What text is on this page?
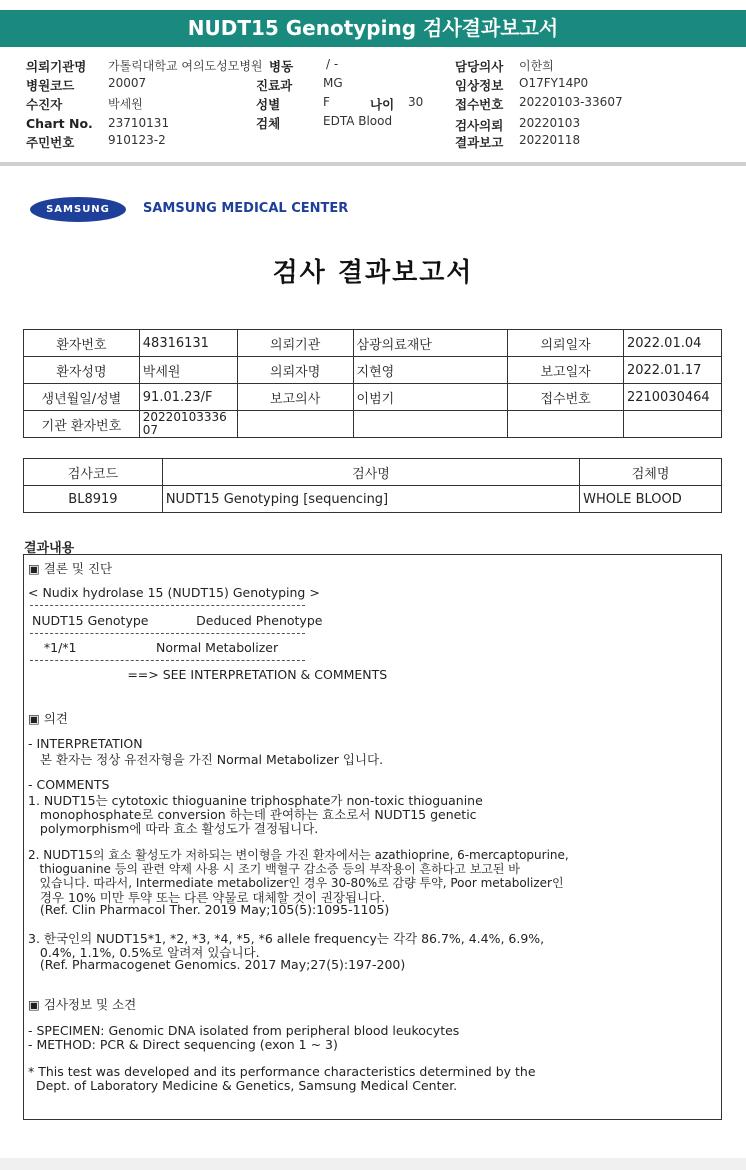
NUDT15 Genotyping 검사결과보고서
의뢰기관명 가톨릭대학교 여의도성모병원 병동	/ -	담당의사 이한희
병원코드	20007	진료과	MG	임상정보 O17FY14P0
수진자	박세원	성별	F	나이 30	접수번호 20220103-33607
Chart No. 23710131	검체	EDTA Blood	검사의뢰 20220103
주민번호	910123-2	결과보고 20220118
SAMSUNG	SAMSUNG MEDICAL CENTER
검사 결과보고서
환자번호	48316131	의뢰기관	삼광의료재단	의뢰일자	2022.01.04
환자성명	박세원	의뢰자명	지현영	보고일자	2022.01.17
생년월일/성별	91.01.23/F	보고의사	이범기	접수번호	2210030464
기관 환자번호	20220103336
07				
검사코드	검사명	검체명
BL8919	NUDT15 Genotyping [sequencing]	WHOLE BLOOD
결과내용
▣ 결론 및 진단
< Nudix hydrolase 15 (NUDT15) Genotyping >
NUDT15 Genotype            Deduced Phenotype
*1/*1                    Normal Metabolizer
==> SEE INTERPRETATION & COMMENTS
▣ 의견
- INTERPRETATION
본 환자는 정상 유전자형을 가진 Normal Metabolizer 입니다.
- COMMENTS
1. NUDT15는 cytotoxic thioguanine triphosphate가 non-toxic thioguanine
monophosphate로 conversion 하는데 관여하는 효소로서 NUDT15 genetic
polymorphism에 따라 효소 활성도가 결정됩니다.
2. NUDT15의 효소 활성도가 저하되는 변이형을 가진 환자에서는 azathioprine, 6-mercaptopurine,
thioguanine 등의 관련 약제 사용 시 조기 백혈구 감소증 등의 부작용이 흔하다고 보고된 바
있습니다. 따라서, Intermediate metabolizer인 경우 30-80%로 감량 투약, Poor metabolizer인
경우 10% 미만 투약 또는 다른 약물로 대체할 것이 권장됩니다.
(Ref. Clin Pharmacol Ther. 2019 May;105(5):1095-1105)
3. 한국인의 NUDT15*1, *2, *3, *4, *5, *6 allele frequency는 각각 86.7%, 4.4%, 6.9%,
0.4%, 1.1%, 0.5%로 알려져 있습니다.
(Ref. Pharmacogenet Genomics. 2017 May;27(5):197-200)
▣ 검사정보 및 소견
- SPECIMEN: Genomic DNA isolated from peripheral blood leukocytes
- METHOD: PCR & Direct sequencing (exon 1 ~ 3)
* This test was developed and its performance characteristics determined by the
Dept. of Laboratory Medicine & Genetics, Samsung Medical Center.
